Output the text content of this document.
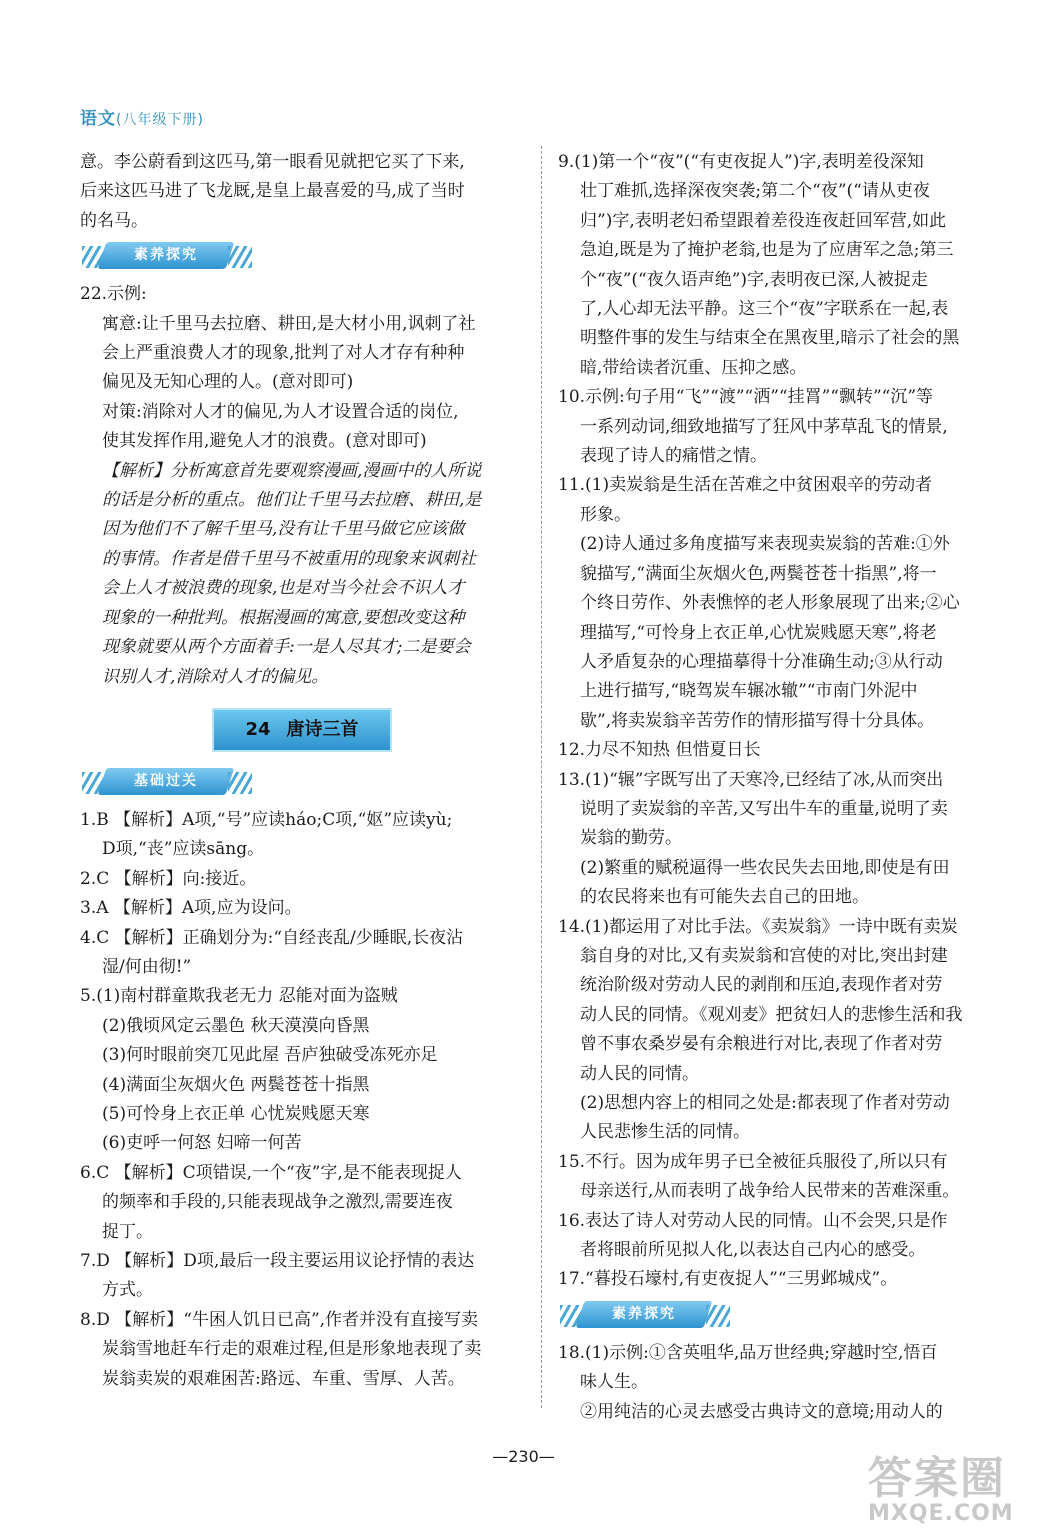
语文(八年级下册)

意。李公蔚看到这匹马,第一眼看见就把它买了下来,

后来这匹马进了飞龙厩,是皇上最喜爱的马,成了当时

的名马。

素养探究

22.示例:

寓意:让千里马去拉磨、耕田,是大材小用,讽刺了社

会上严重浪费人才的现象,批判了对人才存有种种

偏见及无知心理的人。(意对即可)

对策:消除对人才的偏见,为人才设置合适的岗位,

使其发挥作用,避免人才的浪费。(意对即可)

【解析】分析寓意首先要观察漫画,漫画中的人所说

的话是分析的重点。他们让千里马去拉磨、耕田,是

因为他们不了解千里马,没有让千里马做它应该做

的事情。作者是借千里马不被重用的现象来讽刺社

会上人才被浪费的现象,也是对当今社会不识人才

现象的一种批判。根据漫画的寓意,要想改变这种

现象就要从两个方面着手:一是人尽其才;二是要会

识别人才,消除对人才的偏见。

24 唐诗三首
基础过关

1.B 【解析】A项,“号”应读háo;C项,“妪”应读yù;

D项,“丧”应读sāng。

2.C 【解析】向:接近。

3.A 【解析】A项,应为设问。

4.C 【解析】正确划分为:“自经丧乱/少睡眠,长夜沾

湿/何由彻!”

5.(1)南村群童欺我老无力 忍能对面为盗贼

(2)俄顷风定云墨色 秋天漠漠向昏黑

(3)何时眼前突兀见此屋 吾庐独破受冻死亦足

(4)满面尘灰烟火色 两鬓苍苍十指黑

(5)可怜身上衣正单 心忧炭贱愿天寒

(6)吏呼一何怒 妇啼一何苦

6.C 【解析】C项错误,一个“夜”字,是不能表现捉人

的频率和手段的,只能表现战争之激烈,需要连夜

捉丁。

7.D 【解析】D项,最后一段主要运用议论抒情的表达

方式。

8.D 【解析】“牛困人饥日已高”,作者并没有直接写卖

炭翁雪地赶车行走的艰难过程,但是形象地表现了卖

炭翁卖炭的艰难困苦:路远、车重、雪厚、人苦。

9.(1)第一个“夜”(“有吏夜捉人”)字,表明差役深知

壮丁难抓,选择深夜突袭;第二个“夜”(“请从吏夜

归”)字,表明老妇希望跟着差役连夜赶回军营,如此

急迫,既是为了掩护老翁,也是为了应唐军之急;第三

个“夜”(“夜久语声绝”)字,表明夜已深,人被捉走

了,人心却无法平静。这三个“夜”字联系在一起,表

明整件事的发生与结束全在黑夜里,暗示了社会的黑

暗,带给读者沉重、压抑之感。

10.示例:句子用“飞”“渡”“洒”“挂罥”“飘转”“沉”等

一系列动词,细致地描写了狂风中茅草乱飞的情景,

表现了诗人的痛惜之情。

11.(1)卖炭翁是生活在苦难之中贫困艰辛的劳动者

形象。

(2)诗人通过多角度描写来表现卖炭翁的苦难:①外

貌描写,“满面尘灰烟火色,两鬓苍苍十指黑”,将一

个终日劳作、外表憔悴的老人形象展现了出来;②心

理描写,“可怜身上衣正单,心忧炭贱愿天寒”,将老

人矛盾复杂的心理描摹得十分准确生动;③从行动

上进行描写,“晓驾炭车辗冰辙”“市南门外泥中

歇”,将卖炭翁辛苦劳作的情形描写得十分具体。

12.力尽不知热 但惜夏日长

13.(1)“辗”字既写出了天寒冷,已经结了冰,从而突出

说明了卖炭翁的辛苦,又写出牛车的重量,说明了卖

炭翁的勤劳。

(2)繁重的赋税逼得一些农民失去田地,即使是有田

的农民将来也有可能失去自己的田地。

14.(1)都运用了对比手法。《卖炭翁》一诗中既有卖炭

翁自身的对比,又有卖炭翁和宫使的对比,突出封建

统治阶级对劳动人民的剥削和压迫,表现作者对劳

动人民的同情。《观刈麦》把贫妇人的悲惨生活和我

曾不事农桑岁晏有余粮进行对比,表现了作者对劳

动人民的同情。

(2)思想内容上的相同之处是:都表现了作者对劳动

人民悲惨生活的同情。

15.不行。因为成年男子已全被征兵服役了,所以只有

母亲送行,从而表明了战争给人民带来的苦难深重。

16.表达了诗人对劳动人民的同情。山不会哭,只是作

者将眼前所见拟人化,以表达自己内心的感受。

17.“暮投石壕村,有吏夜捉人”“三男邺城戍”。

素养探究

18.(1)示例:①含英咀华,品万世经典;穿越时空,悟百

味人生。

②用纯洁的心灵去感受古典诗文的意境;用动人的

—230—	答案圈
MXQE.COM
